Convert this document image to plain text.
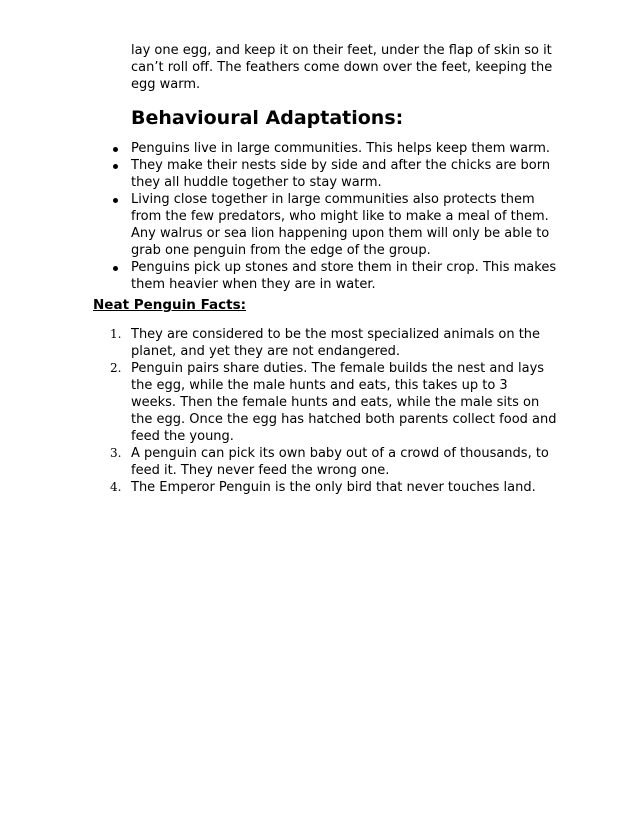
lay one egg, and keep it on their feet, under the flap of skin so it
can’t roll off. The feathers come down over the feet, keeping the
egg warm.
Behavioural Adaptations:
Penguins live in large communities. This helps keep them warm.
They make their nests side by side and after the chicks are born
they all huddle together to stay warm.
Living close together in large communities also protects them
from the few predators, who might like to make a meal of them.
Any walrus or sea lion happening upon them will only be able to
grab one penguin from the edge of the group.
Penguins pick up stones and store them in their crop. This makes
them heavier when they are in water.
Neat Penguin Facts:
1. They are considered to be the most specialized animals on the
planet, and yet they are not endangered.
2. Penguin pairs share duties. The female builds the nest and lays
the egg, while the male hunts and eats, this takes up to 3
weeks. Then the female hunts and eats, while the male sits on
the egg. Once the egg has hatched both parents collect food and
feed the young.
3. A penguin can pick its own baby out of a crowd of thousands, to
feed it. They never feed the wrong one.
4. The Emperor Penguin is the only bird that never touches land.
